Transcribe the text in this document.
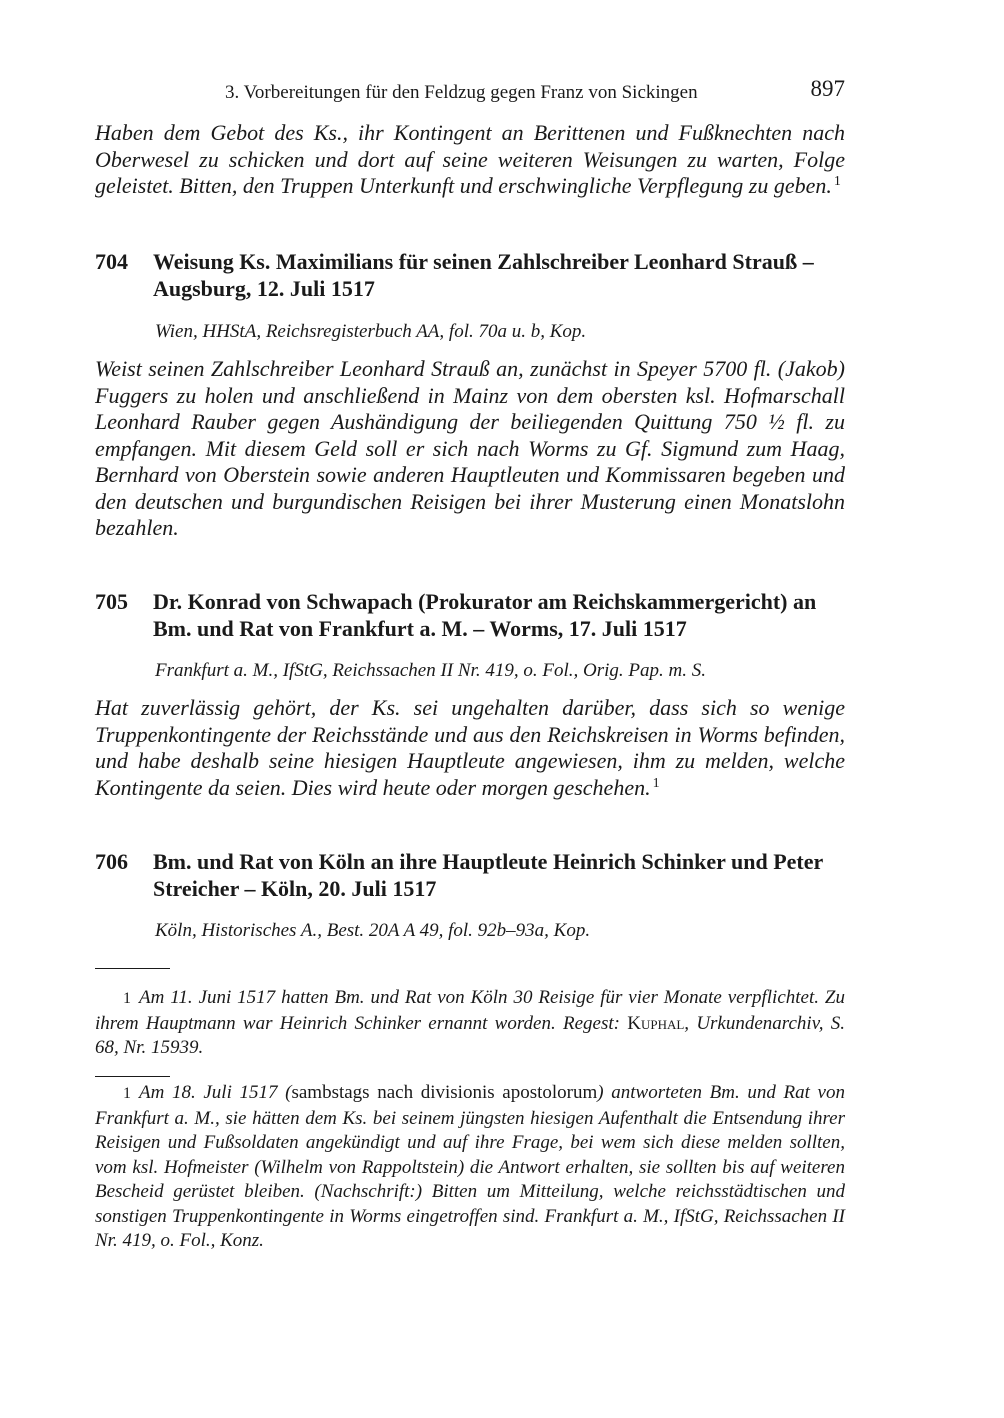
3. Vorbereitungen für den Feldzug gegen Franz von Sickingen	897
Haben dem Gebot des Ks., ihr Kontingent an Berittenen und Fußknechten nach Oberwesel zu schicken und dort auf seine weiteren Weisungen zu warten, Folge geleistet. Bitten, den Truppen Unterkunft und erschwingliche Verpflegung zu geben. $^1$
704	Weisung Ks. Maximilians für seinen Zahlschreiber Leonhard Strauß –
Augsburg, 12. Juli 1517
Wien, HHStA, Reichsregisterbuch AA, fol. 70a u. b, Kop.
Weist seinen Zahlschreiber Leonhard Strauß an, zunächst in Speyer 5700 fl. (Jakob) Fuggers zu holen und anschließend in Mainz von dem obersten ksl. Hofmarschall Leonhard Rauber gegen Aushändigung der beiliegenden Quittung 750 ½ fl. zu empfangen. Mit diesem Geld soll er sich nach Worms zu Gf. Sigmund zum Haag, Bernhard von Oberstein sowie anderen Hauptleuten und Kommissaren begeben und den deutschen und burgundischen Reisigen bei ihrer Musterung einen Monatslohn bezahlen.
705	Dr. Konrad von Schwapach (Prokurator am Reichskammergericht) an
Bm. und Rat von Frankfurt a. M. – Worms, 17. Juli 1517
Frankfurt a. M., IfStG, Reichssachen II Nr. 419, o. Fol., Orig. Pap. m. S.
Hat zuverlässig gehört, der Ks. sei ungehalten darüber, dass sich so wenige Truppenkontingente der Reichsstände und aus den Reichskreisen in Worms befinden, und habe deshalb seine hiesigen Hauptleute angewiesen, ihm zu melden, welche Kontingente da seien. Dies wird heute oder morgen geschehen. $^1$
706	Bm. und Rat von Köln an ihre Hauptleute Heinrich Schinker und Peter
Streicher – Köln, 20. Juli 1517
Köln, Historisches A., Best. 20A A 49, fol. 92b–93a, Kop.
1 Am 11. Juni 1517 hatten Bm. und Rat von Köln 30 Reisige für vier Monate verpflichtet. Zu ihrem Hauptmann war Heinrich Schinker ernannt worden. Regest: Kuphal, Urkundenarchiv, S. 68, Nr. 15939.
1 Am 18. Juli 1517 (sambstags nach divisionis apostolorum) antworteten Bm. und Rat von Frankfurt a. M., sie hätten dem Ks. bei seinem jüngsten hiesigen Aufenthalt die Entsendung ihrer Reisigen und Fußsoldaten angekündigt und auf ihre Frage, bei wem sich diese melden sollten, vom ksl. Hofmeister (Wilhelm von Rappoltstein) die Antwort erhalten, sie sollten bis auf weiteren Bescheid gerüstet bleiben. (Nachschrift:) Bitten um Mitteilung, welche reichsstädtischen und sonstigen Truppenkontingente in Worms eingetroffen sind. Frankfurt a. M., IfStG, Reichssachen II Nr. 419, o. Fol., Konz.
